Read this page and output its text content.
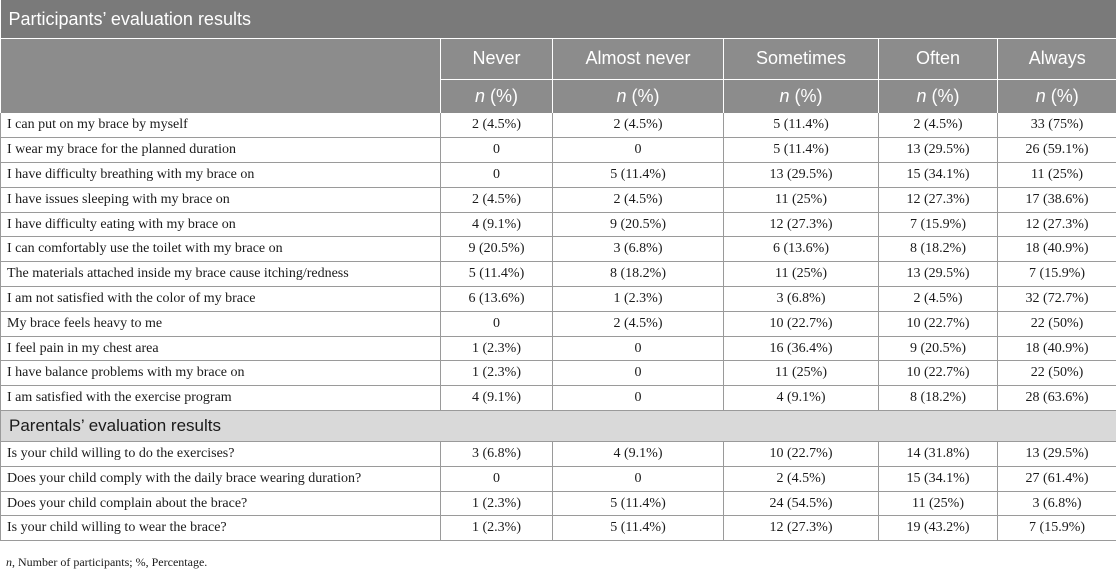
Participants’ evaluation results					
	Never	Almost never	Sometimes	Often	Always
	n (%)	n (%)	n (%)	n (%)	n (%)
I can put on my brace by myself	2 (4.5%)	2 (4.5%)	5 (11.4%)	2 (4.5%)	33 (75%)
I wear my brace for the planned duration	0	0	5 (11.4%)	13 (29.5%)	26 (59.1%)
I have difficulty breathing with my brace on	0	5 (11.4%)	13 (29.5%)	15 (34.1%)	11 (25%)
I have issues sleeping with my brace on	2 (4.5%)	2 (4.5%)	11 (25%)	12 (27.3%)	17 (38.6%)
I have difficulty eating with my brace on	4 (9.1%)	9 (20.5%)	12 (27.3%)	7 (15.9%)	12 (27.3%)
I can comfortably use the toilet with my brace on	9 (20.5%)	3 (6.8%)	6 (13.6%)	8 (18.2%)	18 (40.9%)
The materials attached inside my brace cause itching/redness	5 (11.4%)	8 (18.2%)	11 (25%)	13 (29.5%)	7 (15.9%)
I am not satisfied with the color of my brace	6 (13.6%)	1 (2.3%)	3 (6.8%)	2 (4.5%)	32 (72.7%)
My brace feels heavy to me	0	2 (4.5%)	10 (22.7%)	10 (22.7%)	22 (50%)
I feel pain in my chest area	1 (2.3%)	0	16 (36.4%)	9 (20.5%)	18 (40.9%)
I have balance problems with my brace on	1 (2.3%)	0	11 (25%)	10 (22.7%)	22 (50%)
I am satisfied with the exercise program	4 (9.1%)	0	4 (9.1%)	8 (18.2%)	28 (63.6%)
Parentals’ evaluation results					
Is your child willing to do the exercises?	3 (6.8%)	4 (9.1%)	10 (22.7%)	14 (31.8%)	13 (29.5%)
Does your child comply with the daily brace wearing duration?	0	0	2 (4.5%)	15 (34.1%)	27 (61.4%)
Does your child complain about the brace?	1 (2.3%)	5 (11.4%)	24 (54.5%)	11 (25%)	3 (6.8%)
Is your child willing to wear the brace?	1 (2.3%)	5 (11.4%)	12 (27.3%)	19 (43.2%)	7 (15.9%)
n, Number of participants; %, Percentage.
